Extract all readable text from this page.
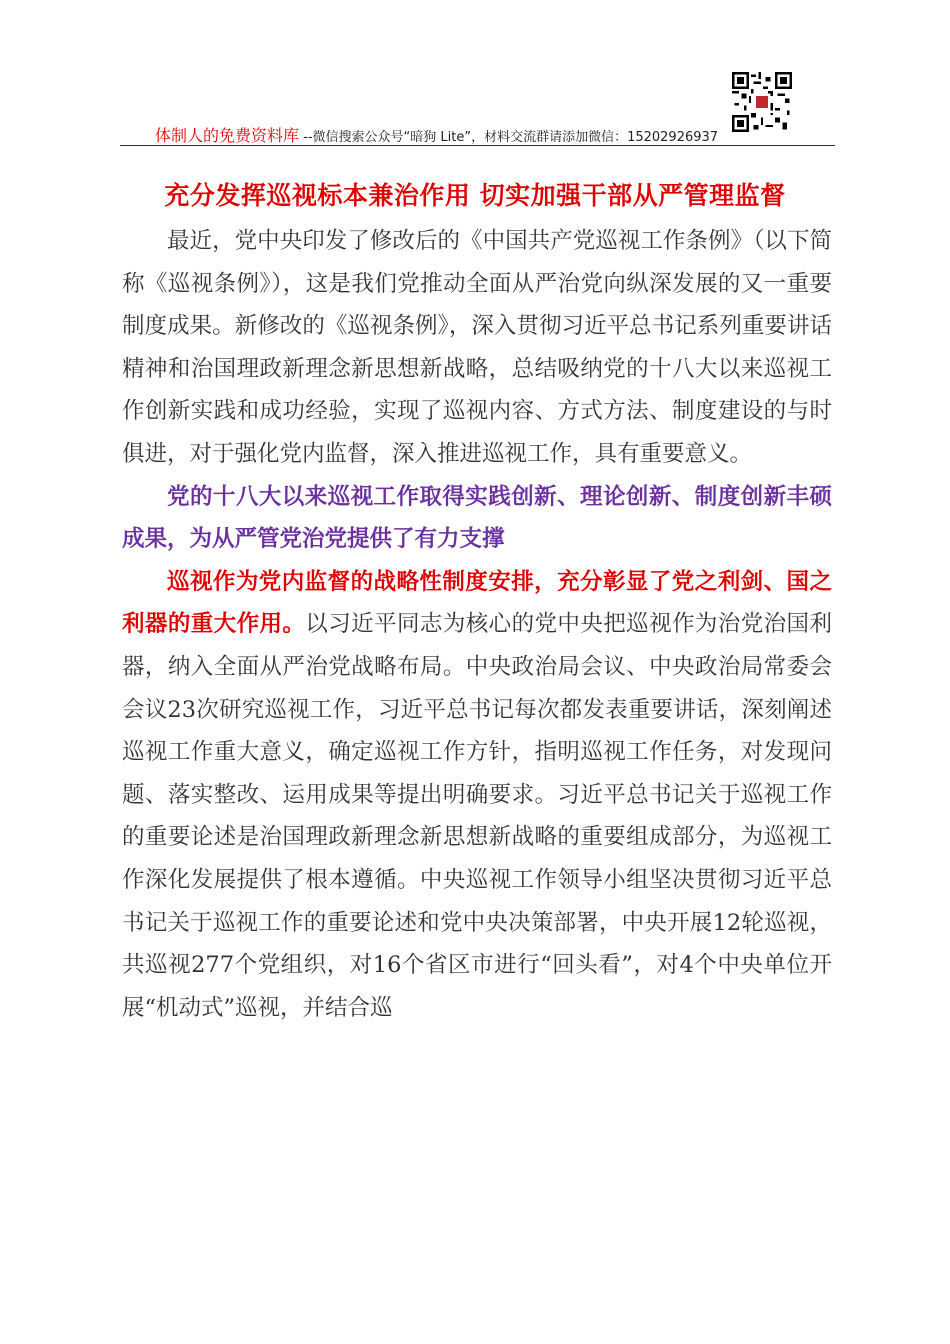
体制人的免费资料库 --微信搜索公众号“暗狗 Lite”，材料交流群请添加微信：15202926937
充分发挥巡视标本兼治作用 切实加强干部从严管理监督

最近，党中央印发了修改后的《中国共产党巡视工作条例》（以下简称《巡视条例》），这是我们党推动全面从严治党向纵深发展的又一重要制度成果。新修改的《巡视条例》，深入贯彻习近平总书记系列重要讲话精神和治国理政新理念新思想新战略，总结吸纳党的十八大以来巡视工作创新实践和成功经验，实现了巡视内容、方式方法、制度建设的与时俱进，对于强化党内监督，深入推进巡视工作，具有重要意义。

党的十八大以来巡视工作取得实践创新、理论创新、制度创新丰硕成果，为从严管党治党提供了有力支撑

巡视作为党内监督的战略性制度安排，充分彰显了党之利剑、国之利器的重大作用。以习近平同志为核心的党中央把巡视作为治党治国利器，纳入全面从严治党战略布局。中央政治局会议、中央政治局常委会会议23次研究巡视工作，习近平总书记每次都发表重要讲话，深刻阐述巡视工作重大意义，确定巡视工作方针，指明巡视工作任务，对发现问题、落实整改、运用成果等提出明确要求。习近平总书记关于巡视工作的重要论述是治国理政新理念新思想新战略的重要组成部分，为巡视工作深化发展提供了根本遵循。中央巡视工作领导小组坚决贯彻习近平总书记关于巡视工作的重要论述和党中央决策部署，中央开展12轮巡视，共巡视277个党组织，对16个省区市进行“回头看”，对4个中央单位开展“机动式”巡视，并结合巡
